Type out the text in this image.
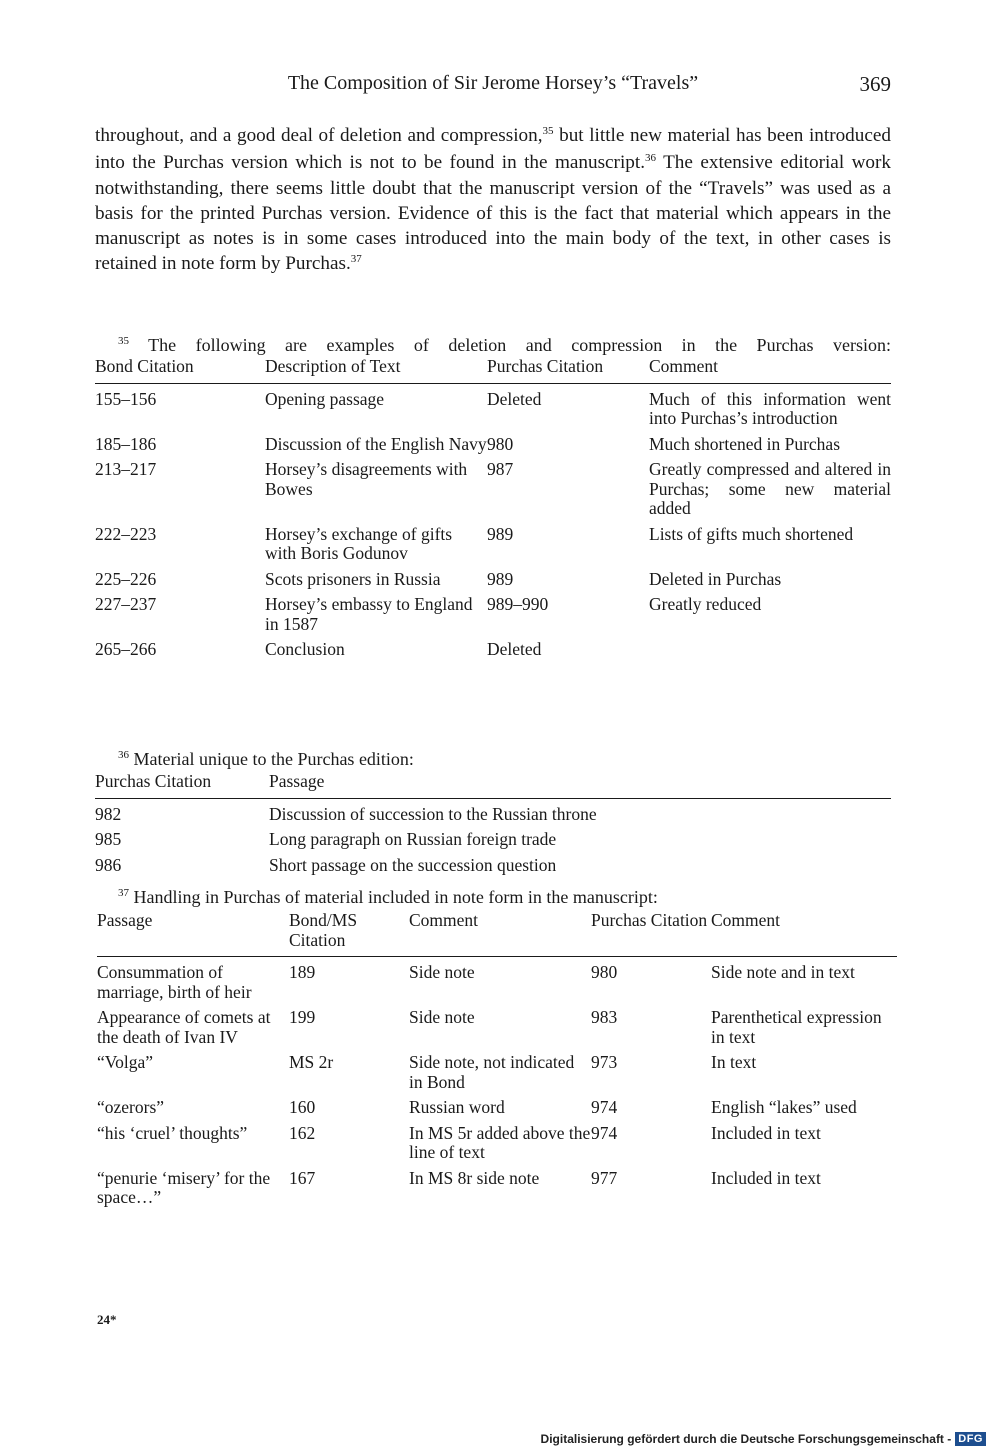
The Composition of Sir Jerome Horsey’s “Travels”	369
throughout, and a good deal of deletion and compression,$^{35}$ but little new material has been introduced into the Purchas version which is not to be found in the manuscript.$^{36}$ The extensive editorial work notwithstanding, there seems little doubt that the manuscript version of the “Travels” was used as a basis for the printed Purchas version. Evidence of this is the fact that material which appears in the manuscript as notes is in some cases introduced into the main body of the text, in other cases is retained in note form by Purchas.$^{37}$
$^{35}$ The following are examples of deletion and compression in the Purchas version:
Bond Citation	Description of Text	Purchas Citation	Comment
155–156	Opening passage	Deleted	Much of this information went into Purchas’s introduction
185–186	Discussion of the English Navy	980	Much shortened in Purchas
213–217	Horsey’s disagreements with Bowes	987	Greatly compressed and altered in Purchas; some new material added
222–223	Horsey’s exchange of gifts with Boris Godunov	989	Lists of gifts much shortened
225–226	Scots prisoners in Russia	989	Deleted in Purchas
227–237	Horsey’s embassy to England in 1587	989–990	Greatly reduced
265–266	Conclusion	Deleted	
$^{36}$ Material unique to the Purchas edition:
Purchas Citation	Passage
982	Discussion of succession to the Russian throne
985	Long paragraph on Russian foreign trade
986	Short passage on the succession question
$^{37}$ Handling in Purchas of material included in note form in the manuscript:
Passage	Bond/MS Citation	Comment	Purchas Citation	Comment
Consummation of marriage, birth of heir	189	Side note	980	Side note and in text
Appearance of comets at the death of Ivan IV	199	Side note	983	Parenthetical expression in text
“Volga”	MS 2r	Side note, not indicated in Bond	973	In text
“ozerors”	160	Russian word	974	English “lakes” used
“his ‘cruel’ thoughts”	162	In MS 5r added above the line of text	974	Included in text
“penurie ‘misery’ for the space…”	167	In MS 8r side note	977	Included in text
24*
Digitalisierung gefördert durch die Deutsche Forschungsgemeinschaft - DFG
